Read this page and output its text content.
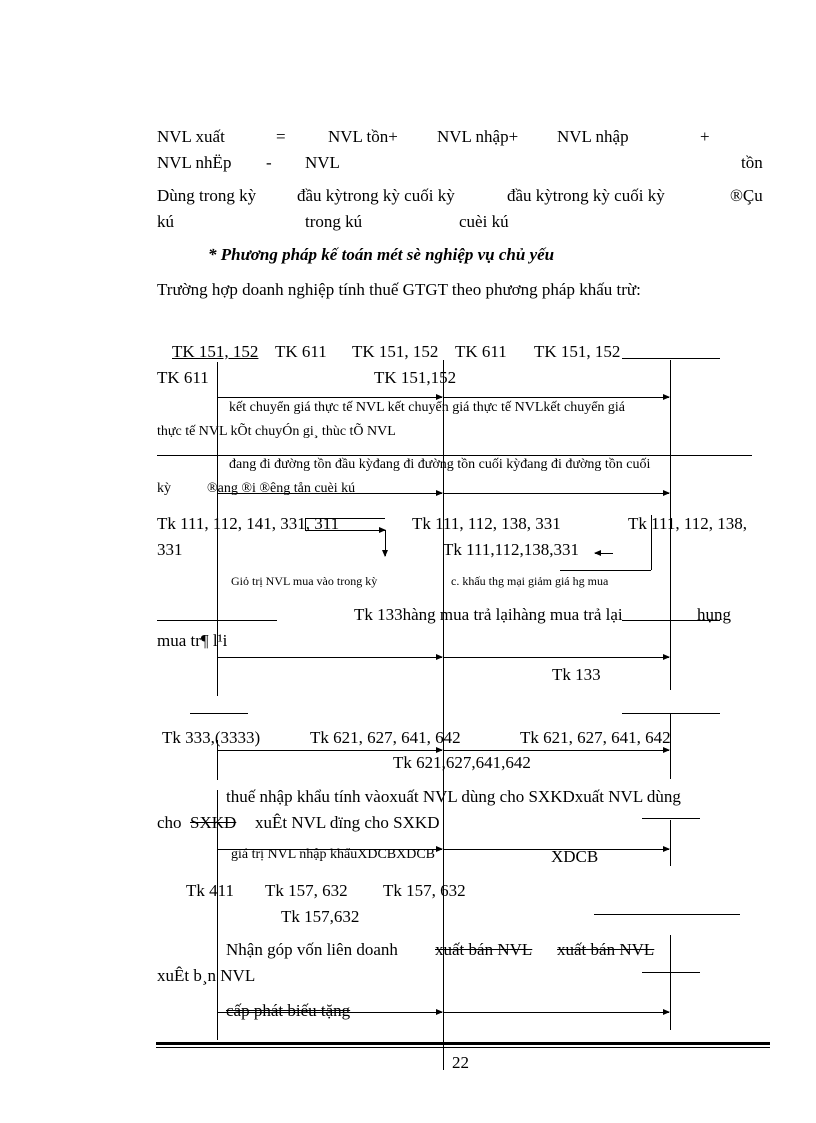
NVL xuất	= NVL tồn+ NVL nhập+ NVL nhập	+
NVL nhËp - NVL	tồn
Dùng trong kỳ đầu kỳtrong kỳ cuối kỳ	đầu kỳtrong kỳ cuối kỳ	®Çu
kú	trong kú	cuèi kú
* Phương pháp kế toán mét sè nghiệp vụ chủ yếu
Trường hợp doanh nghiệp tính thuế GTGT theo phương pháp khấu trừ:
TK 151, 152 TK 611 TK 151, 152 TK 611 TK 151, 152
TK 611	TK 151,152
kết chuyển giá thực tế NVL kết chuyển giá thực tế NVLkết chuyển giá
thực tế NVL kÕt chuyÓn gi¸ thùc tÕ NVL
đang đi đường tồn đầu kỳđang đi đường tồn cuối kỳđang đi đường tồn cuối
kỳ	®ang ®i ®êng tån cuèi kú
Tk 111, 112, 141, 331, 311	Tk 111, 112, 138, 331	Tk 111, 112, 138,
331	Tk 111,112,138,331
Giỏ trị NVL mua vào trong kỳ	c. khấu thg mại giảm giá hg mua
Tk 133hàng mua trả lạihàng mua trả lại	hụng
mua tr¶ l¹i
Tk 133
Tk 333,(3333)	Tk 621, 627, 641, 642	Tk 621, 627, 641, 642
Tk 621,627,641,642
thuế nhập khẩu tính vàoxuất NVL dùng cho SXKDxuất NVL dùng
cho SXKD xuÊt NVL dïng cho SXKD
giá trị NVL nhập khẩuXDCBXDCB	XDCB
Tk 411 Tk 157, 632 Tk 157, 632
Tk 157,632
Nhận góp vốn liên doanh xuất bán NVL xuất bán NVL
xuÊt b¸n NVL
cấp phát biếu tặng
22
